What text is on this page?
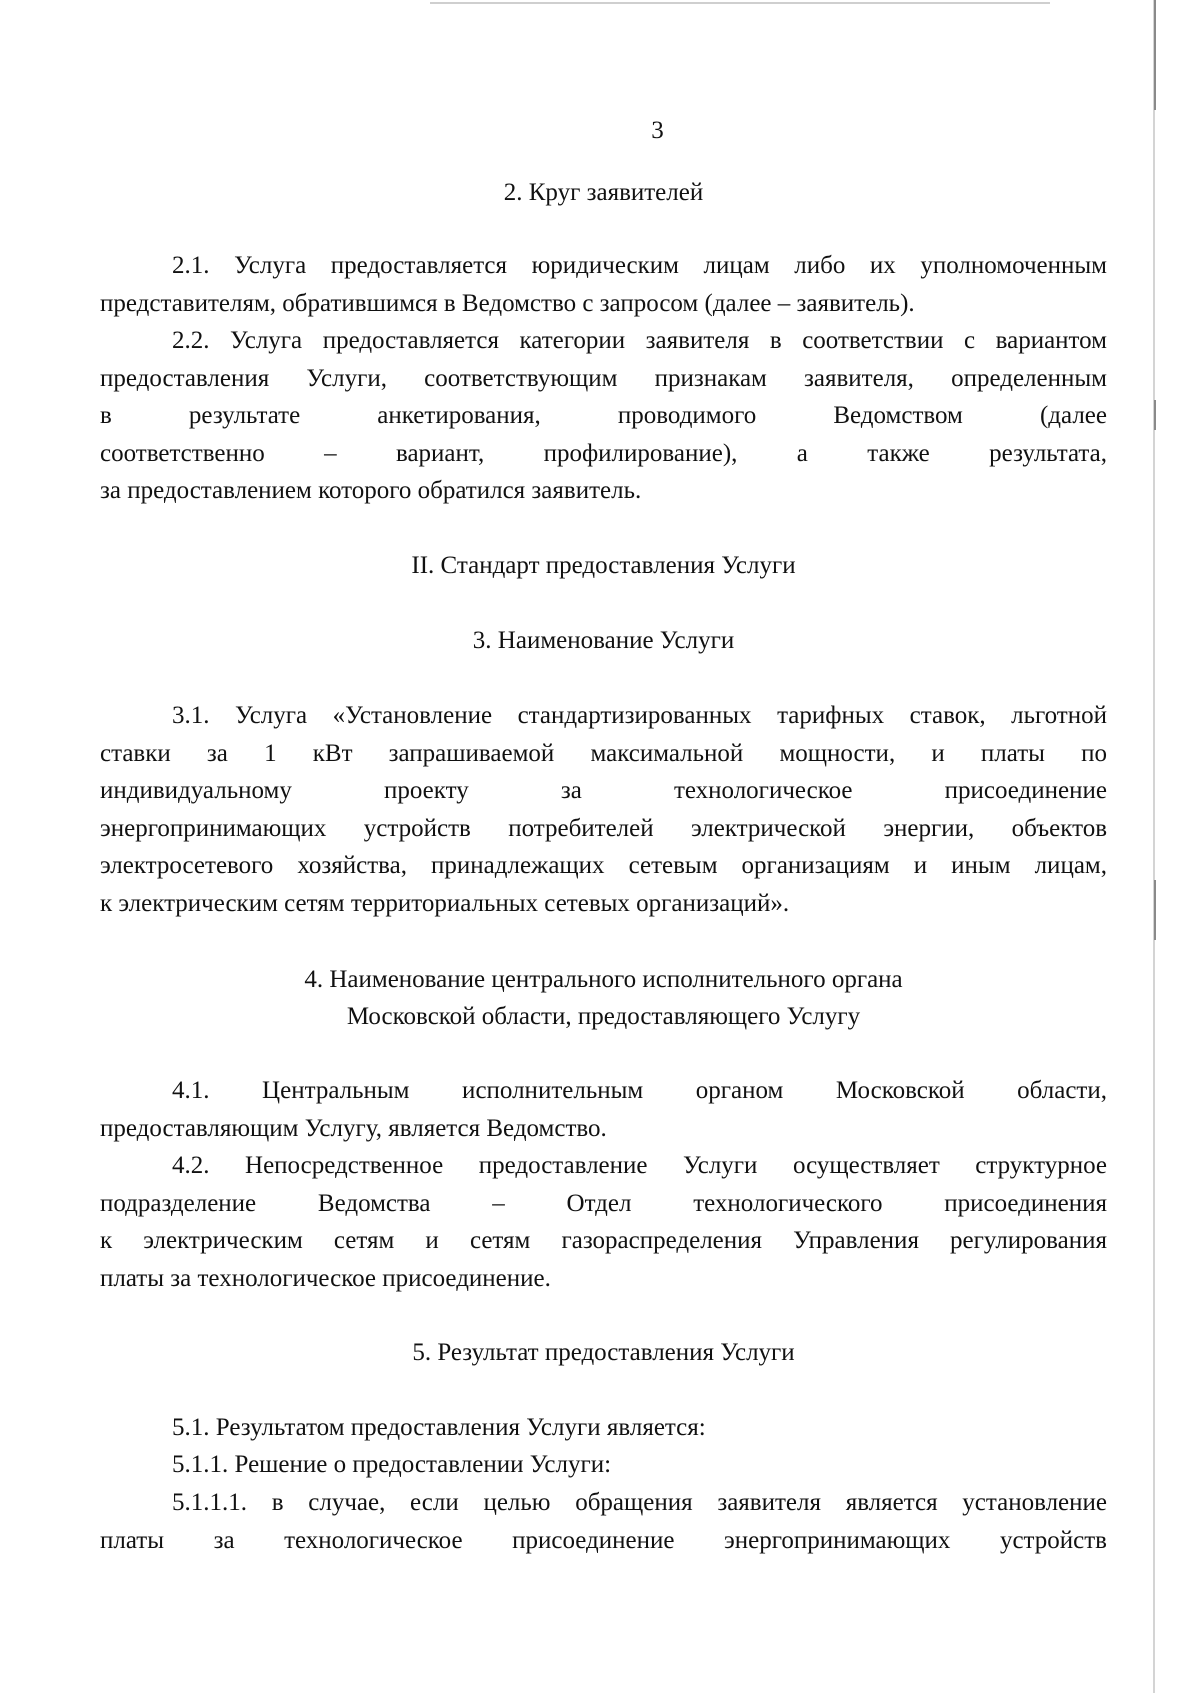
3
2. Круг заявителей
2.1. Услуга предоставляется юридическим лицам либо их уполномоченным
представителям, обратившимся в Ведомство с запросом (далее – заявитель).
2.2. Услуга предоставляется категории заявителя в соответствии с вариантом
предоставления Услуги, соответствующим признакам заявителя, определенным
в результате анкетирования, проводимого Ведомством (далее
соответственно – вариант, профилирование), а также результата,
за предоставлением которого обратился заявитель.
II. Стандарт предоставления Услуги
3. Наименование Услуги
3.1. Услуга «Установление стандартизированных тарифных ставок, льготной
ставки за 1 кВт запрашиваемой максимальной мощности, и платы по
индивидуальному проекту за технологическое присоединение
энергопринимающих устройств потребителей электрической энергии, объектов
электросетевого хозяйства, принадлежащих сетевым организациям и иным лицам,
к электрическим сетям территориальных сетевых организаций».
4. Наименование центрального исполнительного органа
Московской области, предоставляющего Услугу
4.1. Центральным исполнительным органом Московской области,
предоставляющим Услугу, является Ведомство.
4.2. Непосредственное предоставление Услуги осуществляет структурное
подразделение Ведомства – Отдел технологического присоединения
к электрическим сетям и сетям газораспределения Управления регулирования
платы за технологическое присоединение.
5. Результат предоставления Услуги
5.1. Результатом предоставления Услуги является:
5.1.1. Решение о предоставлении Услуги:
5.1.1.1. в случае, если целью обращения заявителя является установление
платы за технологическое присоединение энергопринимающих устройств
